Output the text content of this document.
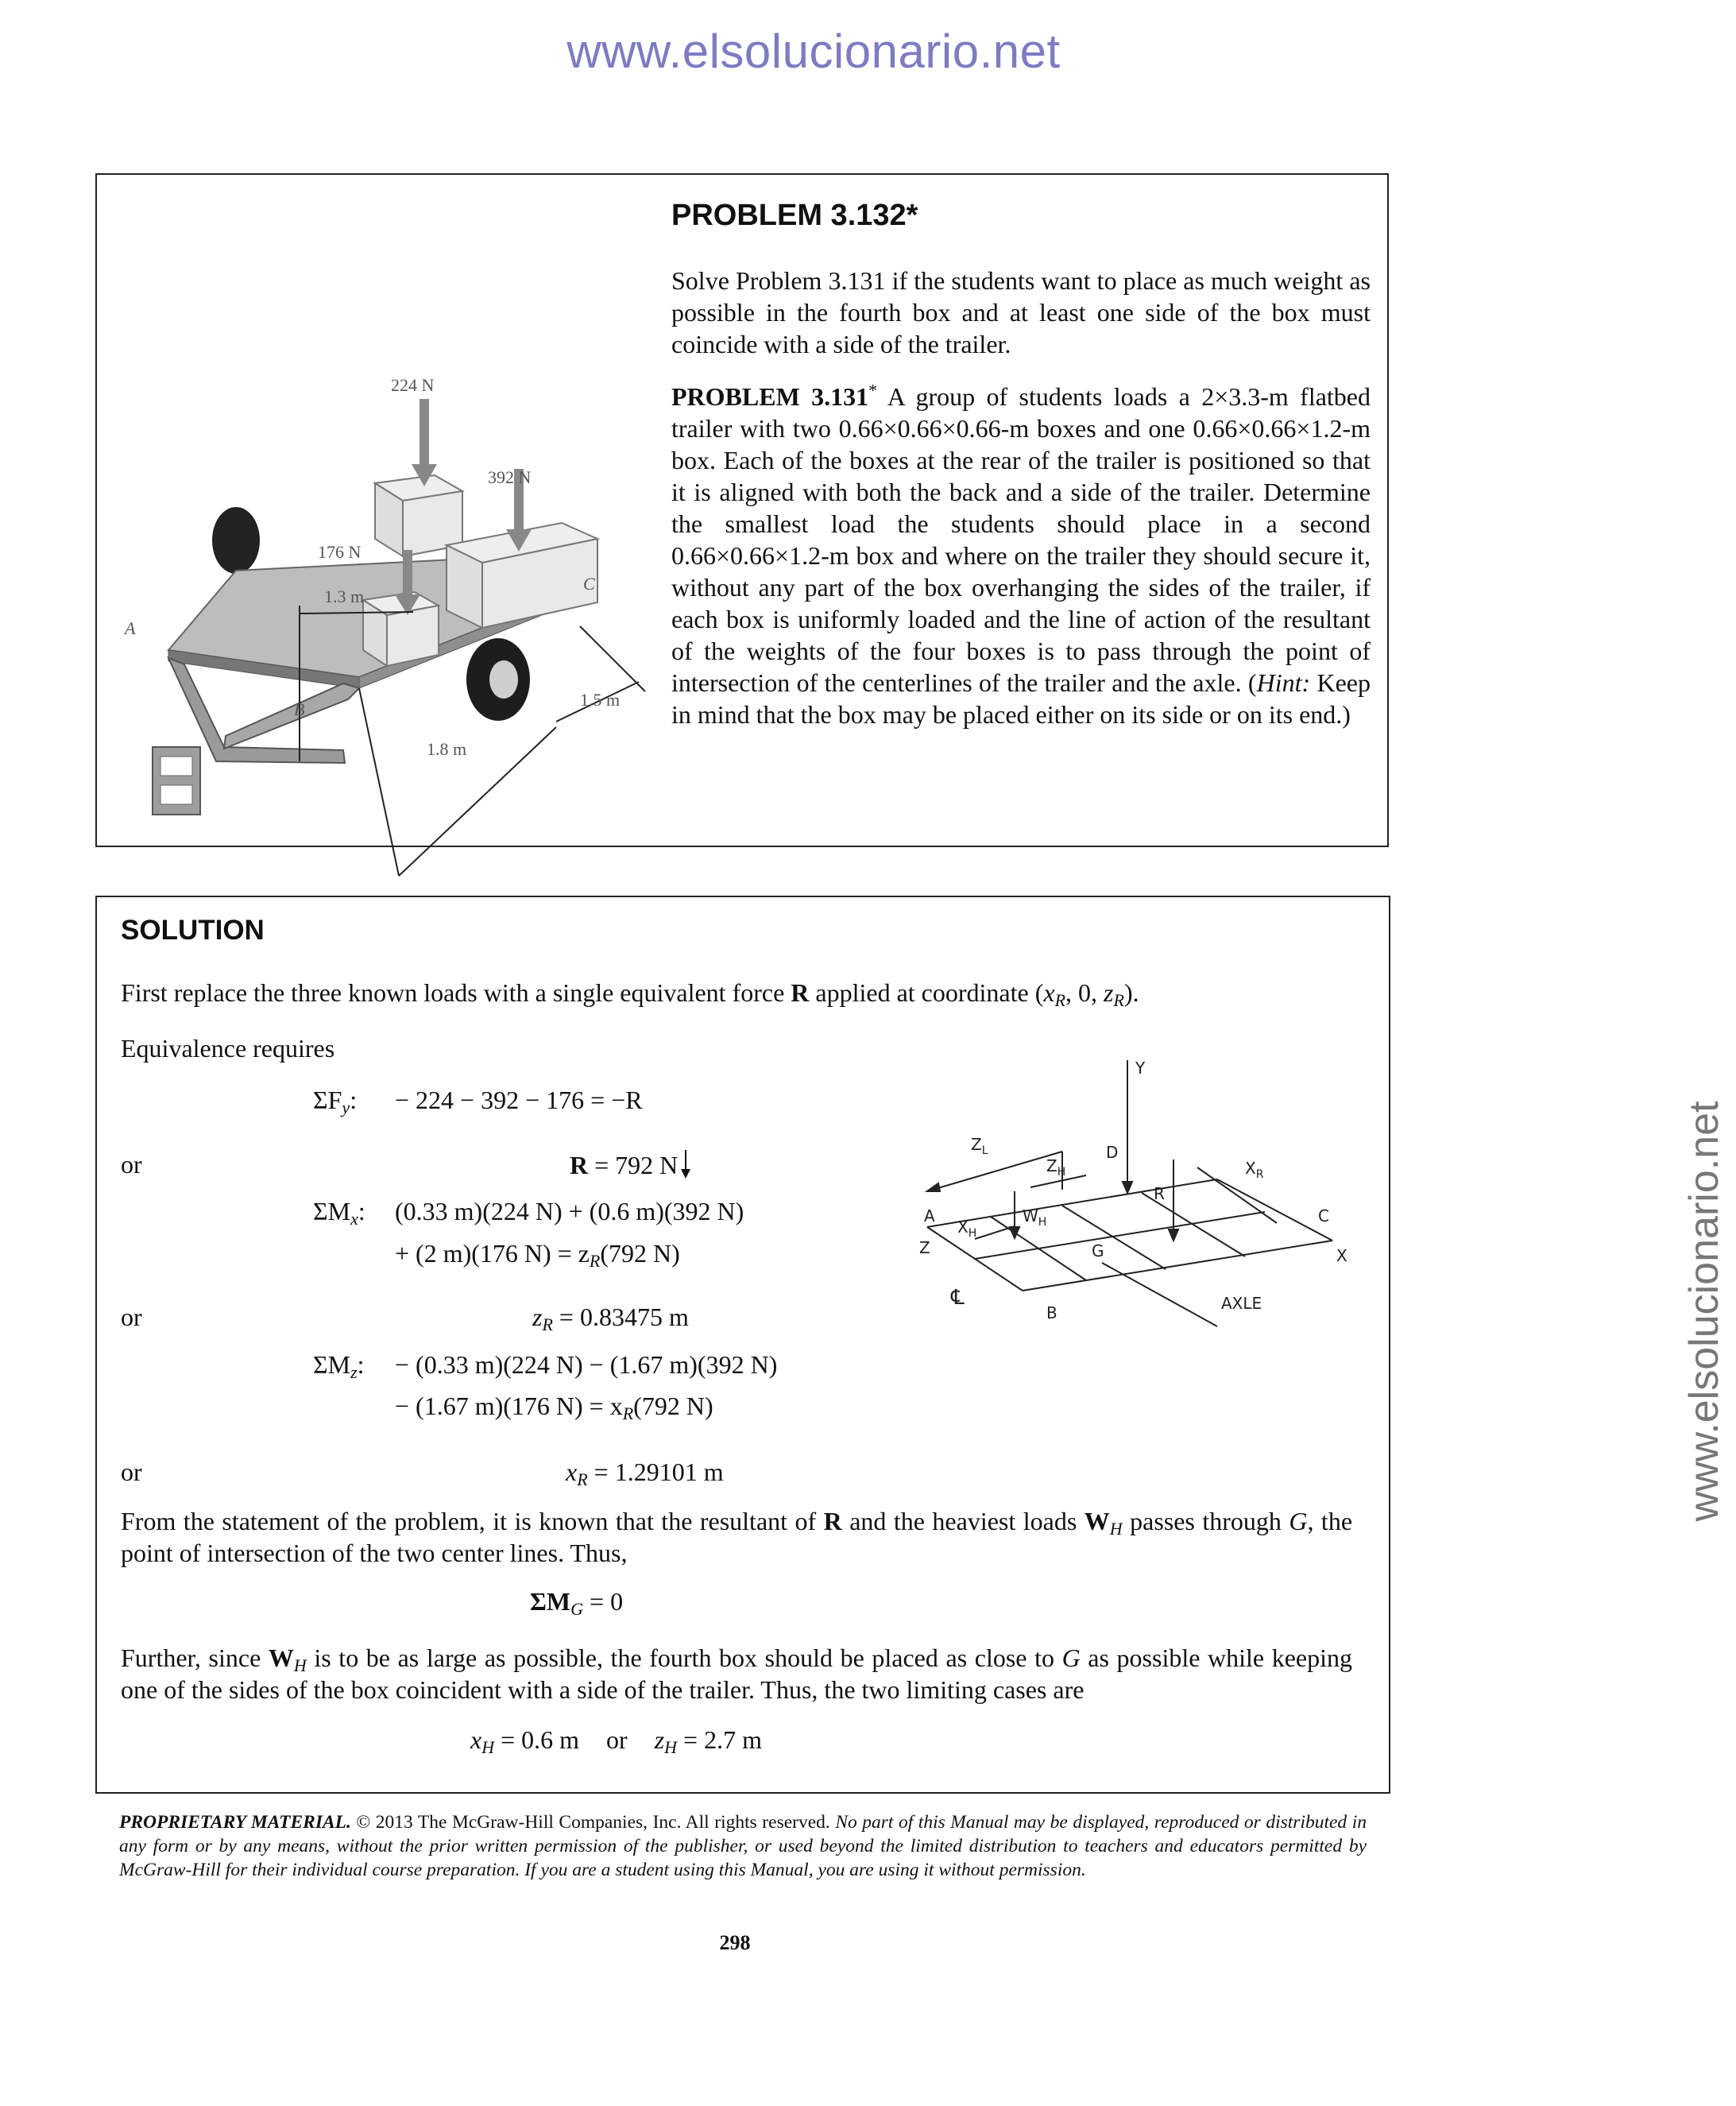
www.elsolucionario.net
www.elsolucionario.net
224 N
392 N
176 N
1.3 m
1.5 m
1.8 m
A
B
C
PROBLEM 3.132*

Solve Problem 3.131 if the students want to place as much weight as possible in the fourth box and at least one side of the box must coincide with a side of the trailer.

PROBLEM 3.131* A group of students loads a 2×3.3-m flatbed trailer with two 0.66×0.66×0.66-m boxes and one 0.66×0.66×1.2-m box. Each of the boxes at the rear of the trailer is positioned so that it is aligned with both the back and a side of the trailer. Determine the smallest load the students should place in a second 0.66×0.66×1.2-m box and where on the trailer they should secure it, without any part of the box overhanging the sides of the trailer, if each box is uniformly loaded and the line of action of the resultant of the weights of the four boxes is to pass through the point of intersection of the centerlines of the trailer and the axle. (Hint: Keep in mind that the box may be placed either on its side or on its end.)

SOLUTION
First replace the three known loads with a single equivalent force R applied at coordinate ($x_R$, 0, $z_R$).
Equivalence requires
$\Sigma F_y$: − 224 − 392 − 176 = −R
or	R = 792 N
$\Sigma M_x$: (0.33 m)(224 N) + (0.6 m)(392 N)
+ (2 m)(176 $N) = z_R(792$ N)
or	$z_R = 0.83475$ m
$\Sigma M_z$: − (0.33 m)(224 N) − (1.67 m)(392 N)
− (1.67 m)(176 $N) = x_R(792$ N)
or	$x_R = 1.29101$ m
From the statement of the problem, it is known that the resultant of R and the heaviest loads $W_H$ passes through G, the point of intersection of the two center lines. Thus,
$\Sigma M_G = 0$
Further, since $W_H$ is to be as large as possible, the fourth box should be placed as close to G as possible while keeping one of the sides of the box coincident with a side of the trailer. Thus, the two limiting cases are
$x_H = 0.6$ m or $z_H = 2.7$ m
Y
X
Z
A
B
C
D
G
R
$Z_L$
$Z_H$	$X_R$
$X_H$
$W_H$
AXLE
℄
PROPRIETARY MATERIAL. © 2013 The McGraw-Hill Companies, Inc. All rights reserved. No part of this Manual may be displayed, reproduced or distributed in any form or by any means, without the prior written permission of the publisher, or used beyond the limited distribution to teachers and educators permitted by McGraw-Hill for their individual course preparation. If you are a student using this Manual, you are using it without permission.
298
